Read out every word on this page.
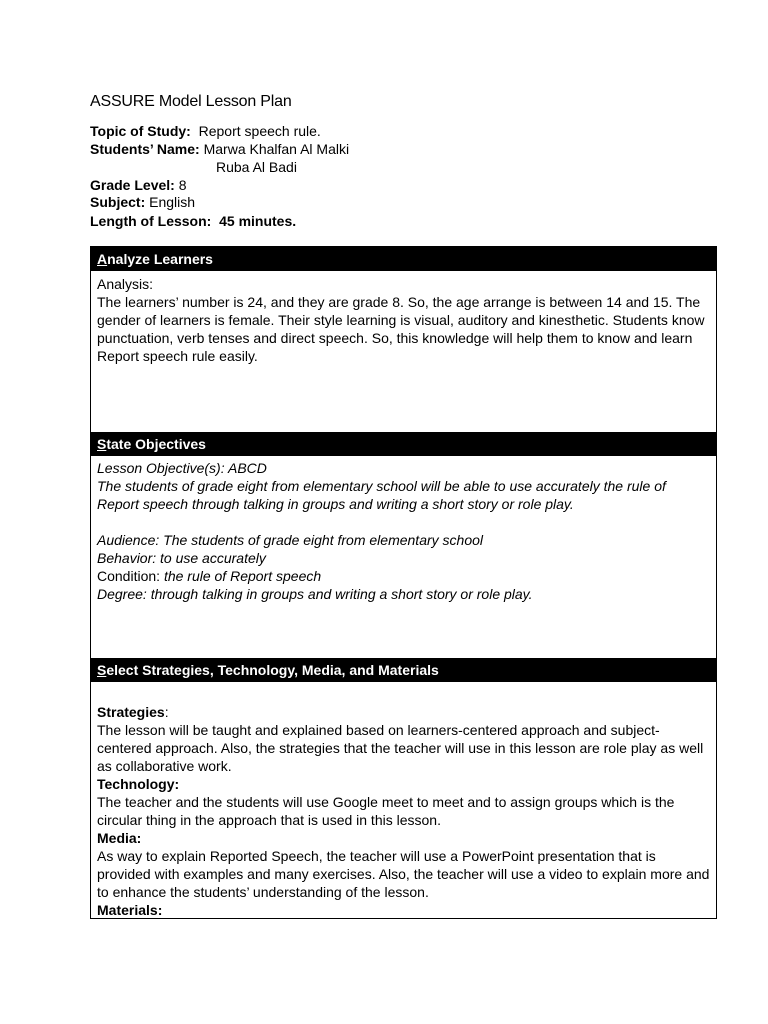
ASSURE Model Lesson Plan
Topic of Study: Report speech rule.
Students’ Name: Marwa Khalfan Al Malki
Ruba Al Badi
Grade Level: 8
Subject: English
Length of Lesson: 45 minutes.
Analyze Learners
Analysis:
The learners’ number is 24, and they are grade 8. So, the age arrange is between 14 and 15. The gender of learners is female. Their style learning is visual, auditory and kinesthetic. Students know punctuation, verb tenses and direct speech. So, this knowledge will help them to know and learn Report speech rule easily.
State Objectives
Lesson Objective(s): ABCD
The students of grade eight from elementary school will be able to use accurately the rule of Report speech through talking in groups and writing a short story or role play.
Audience: The students of grade eight from elementary school
Behavior: to use accurately
Condition: the rule of Report speech
Degree: through talking in groups and writing a short story or role play.
Select Strategies, Technology, Media, and Materials
Strategies:
The lesson will be taught and explained based on learners-centered approach and subject-centered approach. Also, the strategies that the teacher will use in this lesson are role play as well as collaborative work.
Technology:
The teacher and the students will use Google meet to meet and to assign groups which is the circular thing in the approach that is used in this lesson.
Media:
As way to explain Reported Speech, the teacher will use a PowerPoint presentation that is provided with examples and many exercises. Also, the teacher will use a video to explain more and to enhance the students’ understanding of the lesson.
Materials:
